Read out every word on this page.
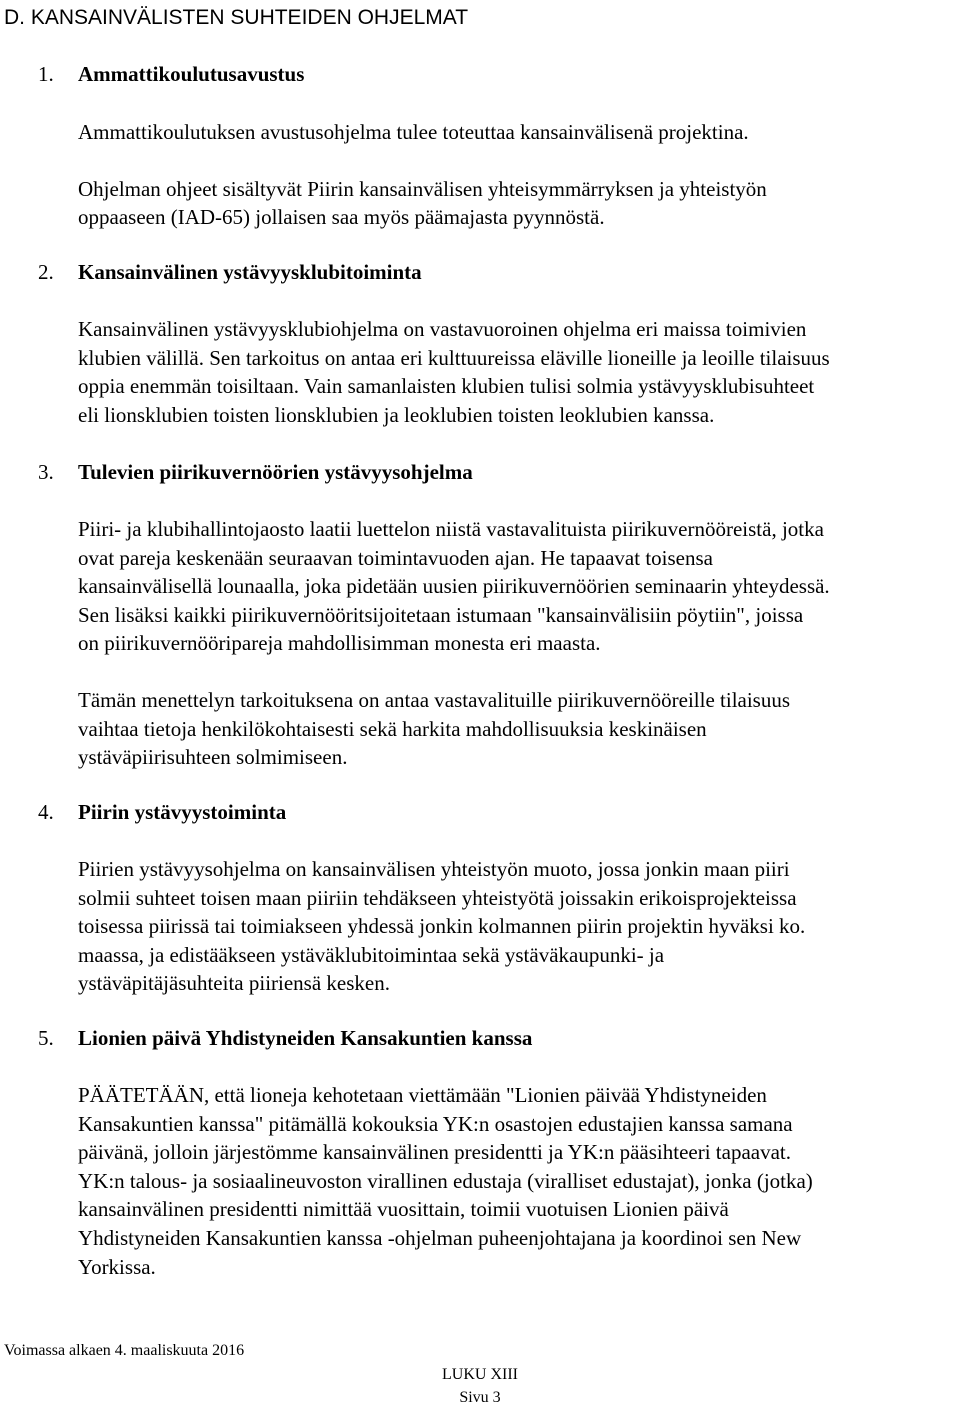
D. KANSAINVÄLISTEN SUHTEIDEN OHJELMAT
1. Ammattikoulutusavustus

Ammattikoulutuksen avustusohjelma tulee toteuttaa kansainvälisenä projektina.

Ohjelman ohjeet sisältyvät Piirin kansainvälisen yhteisymmärryksen ja yhteistyön
oppaaseen (IAD-65) jollaisen saa myös päämajasta pyynnöstä.

2. Kansainvälinen ystävyysklubitoiminta

Kansainvälinen ystävyysklubiohjelma on vastavuoroinen ohjelma eri maissa toimivien
klubien välillä. Sen tarkoitus on antaa eri kulttuureissa eläville lioneille ja leoille tilaisuus
oppia enemmän toisiltaan. Vain samanlaisten klubien tulisi solmia ystävyysklubisuhteet
eli lionsklubien toisten lionsklubien ja leoklubien toisten leoklubien kanssa.

3. Tulevien piirikuvernöörien ystävyysohjelma

Piiri- ja klubihallintojaosto laatii luettelon niistä vastavalituista piirikuvernööreistä, jotka
ovat pareja keskenään seuraavan toimintavuoden ajan. He tapaavat toisensa
kansainvälisellä lounaalla, joka pidetään uusien piirikuvernöörien seminaarin yhteydessä.
Sen lisäksi kaikki piirikuvernööritsijoitetaan istumaan "kansainvälisiin pöytiin", joissa
on piirikuvernööripareja mahdollisimman monesta eri maasta.

Tämän menettelyn tarkoituksena on antaa vastavalituille piirikuvernööreille tilaisuus
vaihtaa tietoja henkilökohtaisesti sekä harkita mahdollisuuksia keskinäisen
ystäväpiirisuhteen solmimiseen.

4. Piirin ystävyystoiminta

Piirien ystävyysohjelma on kansainvälisen yhteistyön muoto, jossa jonkin maan piiri
solmii suhteet toisen maan piiriin tehdäkseen yhteistyötä joissakin erikoisprojekteissa
toisessa piirissä tai toimiakseen yhdessä jonkin kolmannen piirin projektin hyväksi ko.
maassa, ja edistääkseen ystäväklubitoimintaa sekä ystäväkaupunki- ja
ystäväpitäjäsuhteita piiriensä kesken.

5. Lionien päivä Yhdistyneiden Kansakuntien kanssa

PÄÄTETÄÄN, että lioneja kehotetaan viettämään "Lionien päivää Yhdistyneiden
Kansakuntien kanssa" pitämällä kokouksia YK:n osastojen edustajien kanssa samana
päivänä, jolloin järjestömme kansainvälinen presidentti ja YK:n pääsihteeri tapaavat.
YK:n talous- ja sosiaalineuvoston virallinen edustaja (viralliset edustajat), jonka (jotka)
kansainvälinen presidentti nimittää vuosittain, toimii vuotuisen Lionien päivä
Yhdistyneiden Kansakuntien kanssa -ohjelman puheenjohtajana ja koordinoi sen New
Yorkissa.

Voimassa alkaen 4. maaliskuuta 2016
LUKU XIII
Sivu 3
